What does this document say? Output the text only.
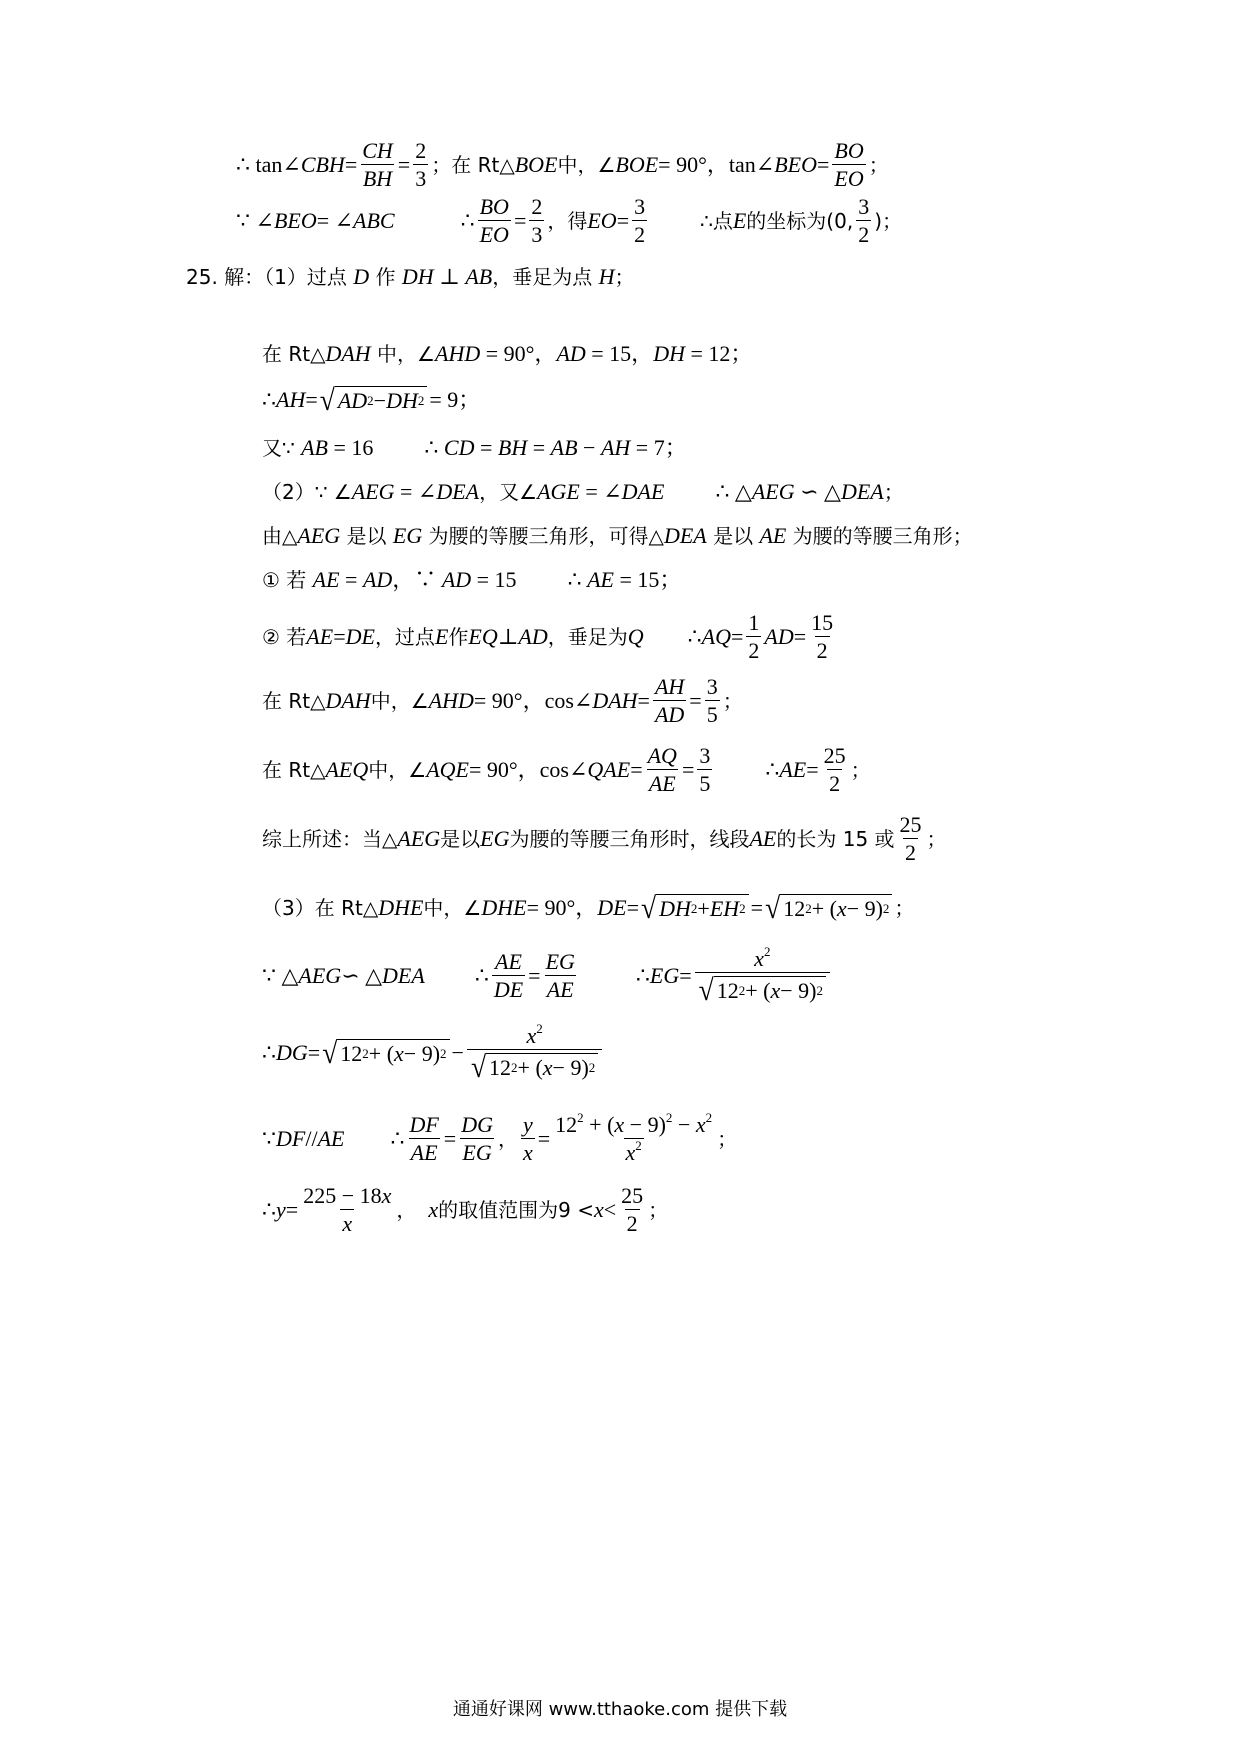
∴ tan∠ CBH = $\frac{CH}{BH} = \frac{2}{3}$ ；在 Rt△ BOE 中，∠ BOE = 90°，tan∠ BEO = $\frac{BO}{EO}$ ；
∵ ∠ BEO = ∠ ABC	∴ $\frac{BO}{EO} = \frac{2}{3}$ ，得 EO = $\frac{3}{2}$	∴点 E 的坐标为(0, $\frac{3}{2}$ )；
25. 解：（1）过点 D 作 DH ⊥ AB，垂足为点 H；
在 Rt△DAH 中，∠AHD = 90°，AD = 15，DH = 12；
∴ AH = √ AD 2 − DH 2 = 9；
又∵ AB = 16 ∴ CD = BH = AB − AH = 7；
（2）∵ ∠AEG = ∠DEA，又∠AGE = ∠DAE ∴ △AEG ∽ △DEA；
由△AEG 是以 EG 为腰的等腰三角形，可得△DEA 是以 AE 为腰的等腰三角形；
① 若 AE = AD，∵ AD = 15 ∴ AE = 15；
② 若 AE = DE ，过点 E 作 EQ ⊥ AD ，垂足为 Q ∴ AQ = $\frac{1}{2}$ AD = $\frac{15}{2}$
在 Rt△ DAH 中，∠ AHD = 90°，cos∠ DAH = $\frac{AH}{AD} = \frac{3}{5}$ ；
在 Rt△ AEQ 中，∠ AQE = 90°，cos∠ QAE = $\frac{AQ}{AE} = \frac{3}{5}$ ∴ AE = $\frac{25}{2}$ ；
综上所述：当△ AEG 是以 EG 为腰的等腰三角形时，线段 AE 的长为 15 或 $\frac{25}{2}$ ；
（3）在 Rt△ DHE 中，∠ DHE = 90°， DE = √ DH 2 + EH 2 = √ 12 2 + ( x − 9) 2 ；
∵ △ AEG ∽ △ DEA ∴ $\frac{AE}{DE} = \frac{EG}{AE}$	∴ EG = $\frac{x^2}{√ 12 2 + ( x - 9) 2}$
∴ DG = √ 12 2 + ( x − 9) $2 - \frac{x^2}{√ 12 2 + ( x - 9) 2}$
∵ DF // AE ∴ $\frac{DF}{AE} = \frac{DG}{EG}$ ， $\frac{y}{x} = \frac{12^2 + (x - 9)^2 - x^2}{x^2}$ ；
∴ $y = \frac{225 - 18x}{x}$ ， x 的取值范围为$9 < x < \frac{25}{2}$ ；
通通好课网 www.tthaoke.com 提供下载
